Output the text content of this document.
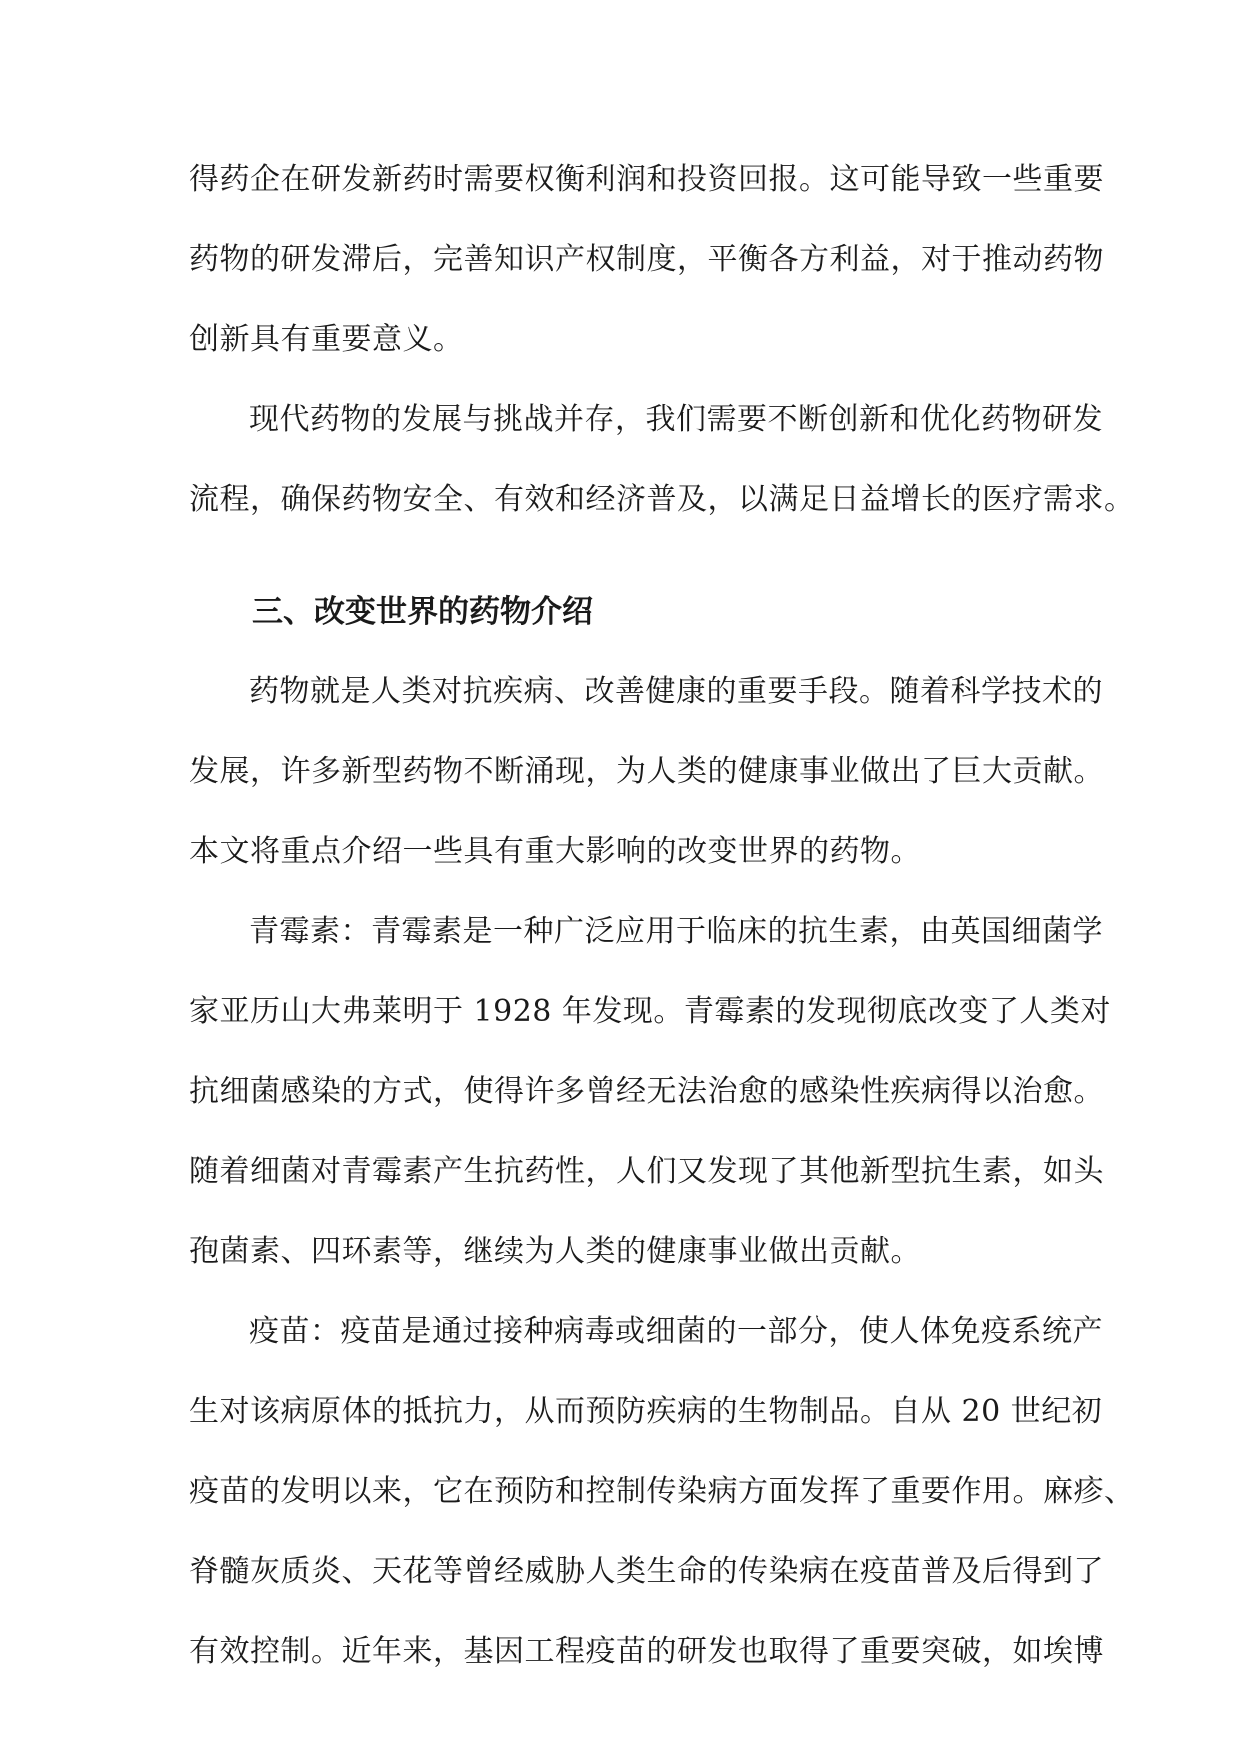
得药企在研发新药时需要权衡利润和投资回报。这可能导致一些重要
药物的研发滞后，完善知识产权制度，平衡各方利益，对于推动药物
创新具有重要意义。
现代药物的发展与挑战并存，我们需要不断创新和优化药物研发
流程，确保药物安全、有效和经济普及，以满足日益增长的医疗需求。
三、改变世界的药物介绍
药物就是人类对抗疾病、改善健康的重要手段。随着科学技术的
发展，许多新型药物不断涌现，为人类的健康事业做出了巨大贡献。
本文将重点介绍一些具有重大影响的改变世界的药物。
青霉素：青霉素是一种广泛应用于临床的抗生素，由英国细菌学
家亚历山大弗莱明于 1928 年发现。青霉素的发现彻底改变了人类对
抗细菌感染的方式，使得许多曾经无法治愈的感染性疾病得以治愈。
随着细菌对青霉素产生抗药性，人们又发现了其他新型抗生素，如头
孢菌素、四环素等，继续为人类的健康事业做出贡献。
疫苗：疫苗是通过接种病毒或细菌的一部分，使人体免疫系统产
生对该病原体的抵抗力，从而预防疾病的生物制品。自从 20 世纪初
疫苗的发明以来，它在预防和控制传染病方面发挥了重要作用。麻疹、
脊髓灰质炎、天花等曾经威胁人类生命的传染病在疫苗普及后得到了
有效控制。近年来，基因工程疫苗的研发也取得了重要突破，如埃博
